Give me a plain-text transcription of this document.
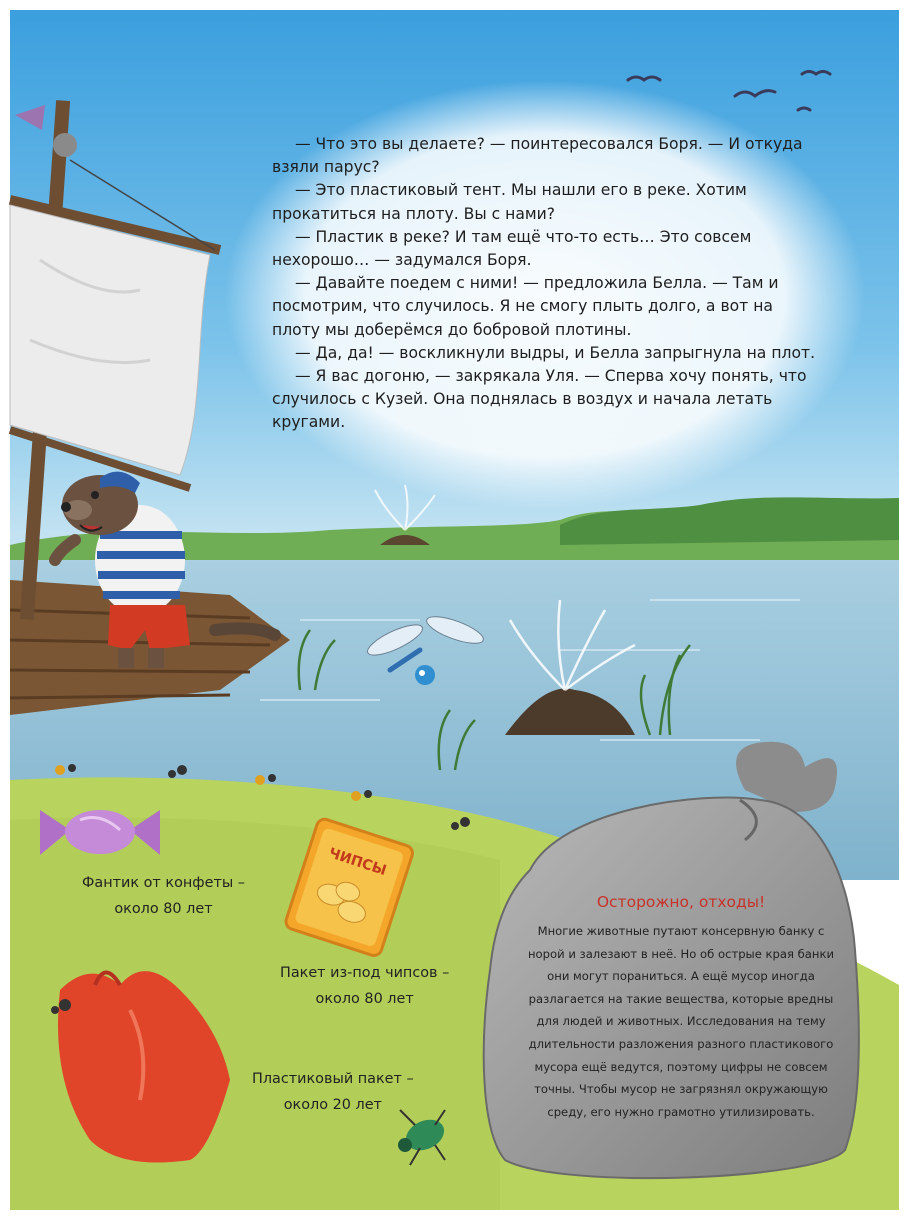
ЧИПСЫ

— Что это вы делаете? — поинтересовался Боря. — И откуда взяли парус?

— Это пластиковый тент. Мы нашли его в реке. Хотим прокатиться на плоту. Вы с нами?

— Пластик в реке? И там ещё что-то есть… Это совсем нехорошо… — задумался Боря.

— Давайте поедем с ними! — предложила Белла. — Там и посмотрим, что случилось. Я не смогу плыть долго, а вот на плоту мы доберёмся до бобровой плотины.

— Да, да! — воскликнули выдры, и Белла запрыгнула на плот.

— Я вас догоню, — закрякала Уля. — Сперва хочу понять, что случилось с Кузей. Она поднялась в воздух и начала летать кругами.

Фантик от конфеты –
около 80 лет
Пакет из-под чипсов –
около 80 лет
Пластиковый пакет –
около 20 лет
Осторожно, отходы!
Многие животные путают консервную банку с норой и залезают в неё. Но об острые края банки они могут пораниться. А ещё мусор иногда разлагается на такие вещества, которые вредны для людей и животных. Исследования на тему длительности разложения разного пластикового мусора ещё ведутся, поэтому цифры не совсем точны. Чтобы мусор не загрязнял окружающую среду, его нужно грамотно утилизировать.
